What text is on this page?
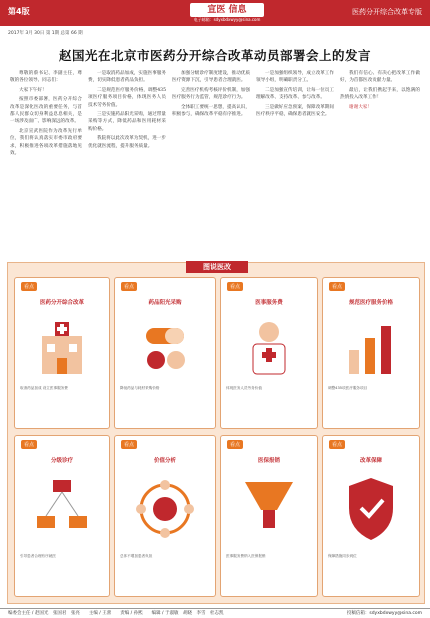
第4版	宣医 信息
电子邮箱：sdyxbdxwyy@sina.com
医药分开综合改革专版
2017年 3月 30日 第 1期 总第 66 期
赵国光在北京市医药分开综合改革动员部署会上的发言

尊敬的蔡书记、李副主任，尊敬的各位领导、同志们：

大家下午好！

按照市委部署，医药分开综合改革是深化医改的重要任务，与首都人民群众切身利益息息相关，是一场涉及面广、影响深远的改革。

北京宣武医院作为改革先行单位，我们将认真落实市委市政府要求，积极推进各项改革措施落地见效。

一是取消药品加成，实施医事服务费，切实降低患者药品负担。

二是规范医疗服务价格，调整435项医疗服务项目价格，体现医务人员技术劳务价值。

三是实施药品阳光采购，通过带量采购等方式，降低药品和医用耗材采购价格。

我院将以此次改革为契机，进一步优化就医流程，提升服务质量。

加强分级诊疗制度建设，推动优质医疗资源下沉，引导患者合理就医。

完善医疗机构考核评价机制，加强医疗服务行为监管，规范诊疗行为。

全体职工要统一思想，提高认识，积极参与，确保改革平稳有序推进。

一是加强组织领导，成立改革工作领导小组，明确职责分工。

二是加强宣传培训，让每一位员工理解改革、支持改革、参与改革。

三是做好应急预案，保障改革期间医疗秩序平稳，确保患者就医安全。

我们有信心、有决心把改革工作做好，为首都医改贡献力量。

最后，让我们携起手来，以饱满的热情投入改革工作！

谢谢大家！

图说医改
看点
医药分开综合改革
取消药品加成 设立医事服务费
看点
药品阳光采购
降低药品与耗材采购价格
看点
医事服务费
体现医务人员劳务价值
看点
规范医疗服务价格
调整435项医疗服务项目
看点
分级诊疗
引导患者合理有序就医
看点
价值分析
总体不增加患者负担
看点
医保报销
医事服务费纳入医保报销
看点
改革保障
保障措施同步到位
编委会主任 / 赵国光　张国君　张亮　　主编 / 王蕾　　责编 / 孙熙　　编辑 / 于淑敏　胡晓　李雪　杜志凯	投稿信箱：sdyxbdxwyy@sina.com
